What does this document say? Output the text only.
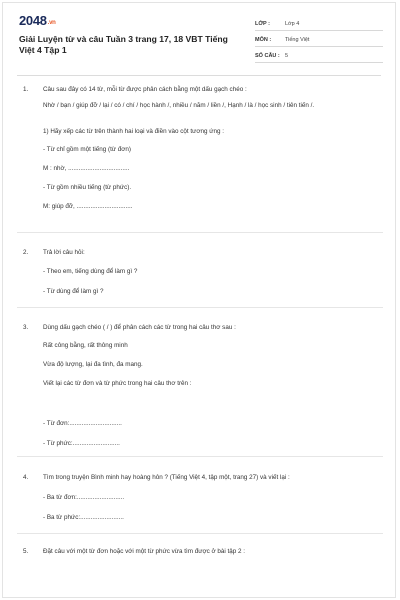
2048.vn
Giải Luyện từ và câu Tuần 3 trang 17, 18 VBT Tiếng Việt 4 Tập 1
LỚP :	Lớp 4
MÔN :	Tiếng Việt
SỐ CÂU : 5
1. Câu sau đây có 14 từ, mỗi từ được phân cách bằng một dấu gạch chéo :

Nhờ / bạn / giúp đỡ / lại / có / chí / học hành /, nhiều / năm / liền /, Hạnh / là / học sinh / tiên tiến /.

1) Hãy xếp các từ trên thành hai loại và điền vào cột tương ứng :

- Từ chỉ gồm một tiếng (từ đơn)

M : nhờ, ...................................

- Từ gồm nhiều tiếng (từ phức).

M: giúp đỡ, ................................

2. Trả lời câu hỏi:

- Theo em, tiếng dùng để làm gì ?

- Từ dùng để làm gì ?

3. Dùng dấu gạch chéo ( / ) để phân cách các từ trong hai câu thơ sau :

Rất công bằng, rất thông minh

Vừa độ lượng, lại đa tình, đa mang.

Viết lại các từ đơn và từ phức trong hai câu thơ trên :

- Từ đơn:..............................

- Từ phức:...........................

4. Tìm trong truyện Bình minh hay hoàng hôn ? (Tiếng Việt 4, tập một, trang 27) và viết lại :

- Ba từ đơn:...........................

- Ba từ phức:.........................

5. Đặt câu với một từ đơn hoặc với một từ phức vừa tìm được ở bài tập 2 :
